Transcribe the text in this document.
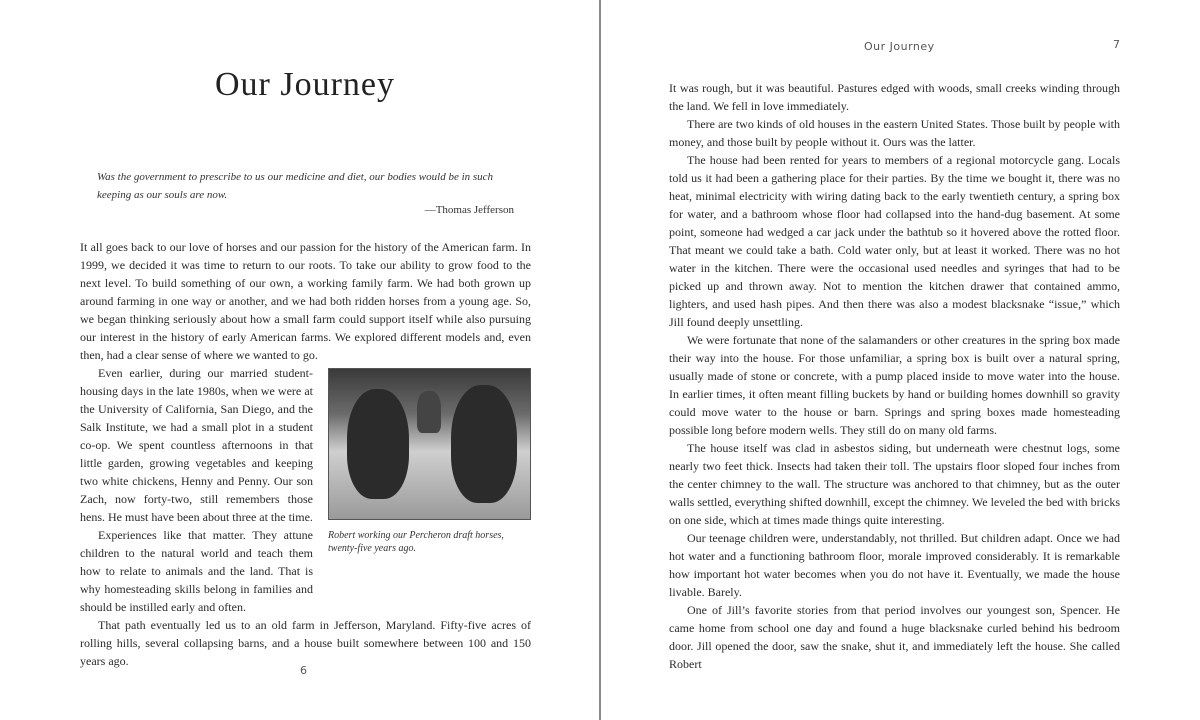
Our Journey
Was the government to prescribe to us our medicine and diet, our bodies would be in such keeping as our souls are now.
—Thomas Jefferson

It all goes back to our love of horses and our passion for the history of the American farm. In 1999, we decided it was time to return to our roots. To take our ability to grow food to the next level. To build something of our own, a working family farm. We had both grown up around farming in one way or another, and we had both ridden horses from a young age. So, we began thinking seriously about how a small farm could support itself while also pursuing our interest in the history of early American farms. We explored different models and, even then, had a clear sense of where we wanted to go.

Even earlier, during our married student-housing days in the late 1980s, when we were at the University of California, San Diego, and the Salk Institute, we had a small plot in a student co-op. We spent countless afternoons in that little garden, growing vegetables and keeping two white chickens, Henny and Penny. Our son Zach, now forty-two, still remembers those hens. He must have been about three at the time.

Experiences like that matter. They attune children to the natural world and teach them how to relate to animals and the land. That is why homesteading skills belong in families and should be instilled early and often.

That path eventually led us to an old farm in Jefferson, Maryland. Fifty-five acres of rolling hills, several collapsing barns, and a house built somewhere between 100 and 150 years ago.

Robert working our Percheron draft horses, twenty-five years ago.
6
Our Journey	7

It was rough, but it was beautiful. Pastures edged with woods, small creeks winding through the land. We fell in love immediately.

There are two kinds of old houses in the eastern United States. Those built by people with money, and those built by people without it. Ours was the latter.

The house had been rented for years to members of a regional motorcycle gang. Locals told us it had been a gathering place for their parties. By the time we bought it, there was no heat, minimal electricity with wiring dating back to the early twentieth century, a spring box for water, and a bathroom whose floor had collapsed into the hand-dug basement. At some point, someone had wedged a car jack under the bathtub so it hovered above the rotted floor. That meant we could take a bath. Cold water only, but at least it worked. There was no hot water in the kitchen. There were the occasional used needles and syringes that had to be picked up and thrown away. Not to mention the kitchen drawer that contained ammo, lighters, and used hash pipes. And then there was also a modest blacksnake “issue,” which Jill found deeply unsettling.

We were fortunate that none of the salamanders or other creatures in the spring box made their way into the house. For those unfamiliar, a spring box is built over a natural spring, usually made of stone or concrete, with a pump placed inside to move water into the house. In earlier times, it often meant filling buckets by hand or building homes downhill so gravity could move water to the house or barn. Springs and spring boxes made homesteading possible long before modern wells. They still do on many old farms.

The house itself was clad in asbestos siding, but underneath were chestnut logs, some nearly two feet thick. Insects had taken their toll. The upstairs floor sloped four inches from the center chimney to the wall. The structure was anchored to that chimney, but as the outer walls settled, everything shifted downhill, except the chimney. We leveled the bed with bricks on one side, which at times made things quite interesting.

Our teenage children were, understandably, not thrilled. But children adapt. Once we had hot water and a functioning bathroom floor, morale improved considerably. It is remarkable how important hot water becomes when you do not have it. Eventually, we made the house livable. Barely.

One of Jill’s favorite stories from that period involves our youngest son, Spencer. He came home from school one day and found a huge blacksnake curled behind his bedroom door. Jill opened the door, saw the snake, shut it, and immediately left the house. She called Robert
